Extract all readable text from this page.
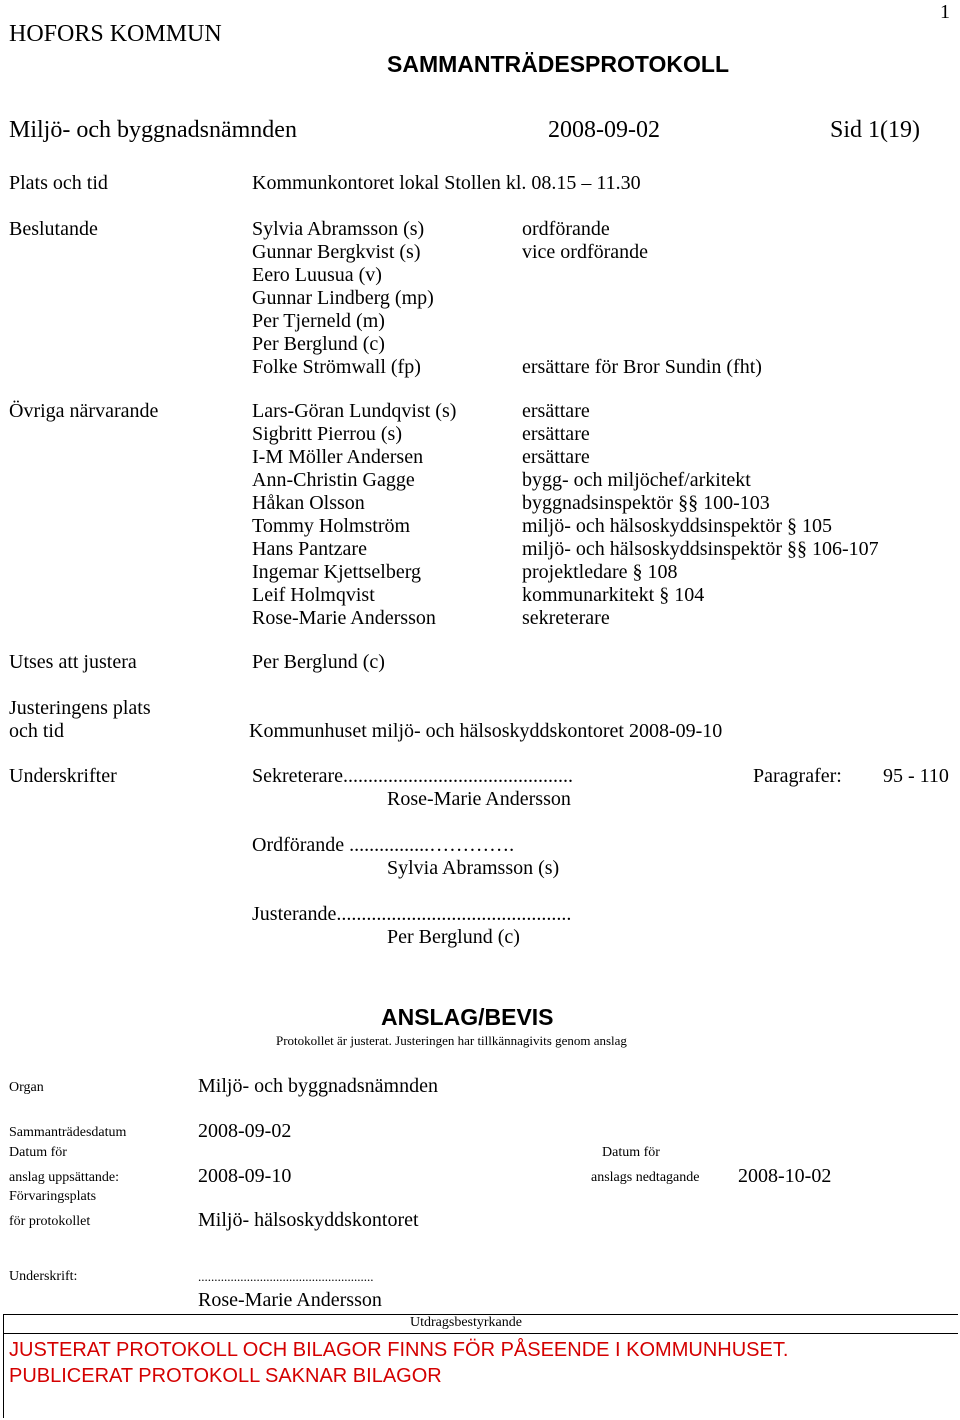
1
HOFORS KOMMUN
SAMMANTRÄDESPROTOKOLL
Miljö- och byggnadsnämnden	2008-09-02	Sid 1(19)
Plats och tid	Kommunkontoret lokal Stollen kl. 08.15 – 11.30
Beslutande	Sylvia Abramsson (s)	ordförande
Gunnar Bergkvist (s)	vice ordförande
Eero Luusua (v)
Gunnar Lindberg (mp)
Per Tjerneld (m)
Per Berglund (c)
Folke Strömwall (fp)	ersättare för Bror Sundin (fht)
Övriga närvarande	Lars-Göran Lundqvist (s)	ersättare
Sigbritt Pierrou (s)	ersättare
I-M Möller Andersen	ersättare
Ann-Christin Gagge	bygg- och miljöchef/arkitekt
Håkan Olsson	byggnadsinspektör §§ 100-103
Tommy Holmström	miljö- och hälsoskyddsinspektör § 105
Hans Pantzare	miljö- och hälsoskyddsinspektör §§ 106-107
Ingemar Kjettselberg	projektledare § 108
Leif Holmqvist	kommunarkitekt § 104
Rose-Marie Andersson	sekreterare
Utses att justera	Per Berglund (c)
Justeringens plats
och tid	Kommunhuset miljö- och hälsoskyddskontoret 2008-09-10
Underskrifter	Sekreterare..............................................	Paragrafer: 95 - 110
Rose-Marie Andersson
Ordförande ................………….
Sylvia Abramsson (s)
Justerande...............................................
Per Berglund (c)
ANSLAG/BEVIS
Protokollet är justerat. Justeringen har tillkännagivits genom anslag
Organ	Miljö- och byggnadsnämnden
Sammanträdesdatum	2008-09-02
Datum för
anslag uppsättande:	2008-09-10
Datum för
anslags nedtagande 2008-10-02
Förvaringsplats
för protokollet	Miljö- hälsoskyddskontoret
Underskrift:	......................................................
Rose-Marie Andersson
Utdragsbestyrkande
JUSTERAT PROTOKOLL OCH BILAGOR FINNS FÖR PÅSEENDE I KOMMUNHUSET.
PUBLICERAT PROTOKOLL SAKNAR BILAGOR
